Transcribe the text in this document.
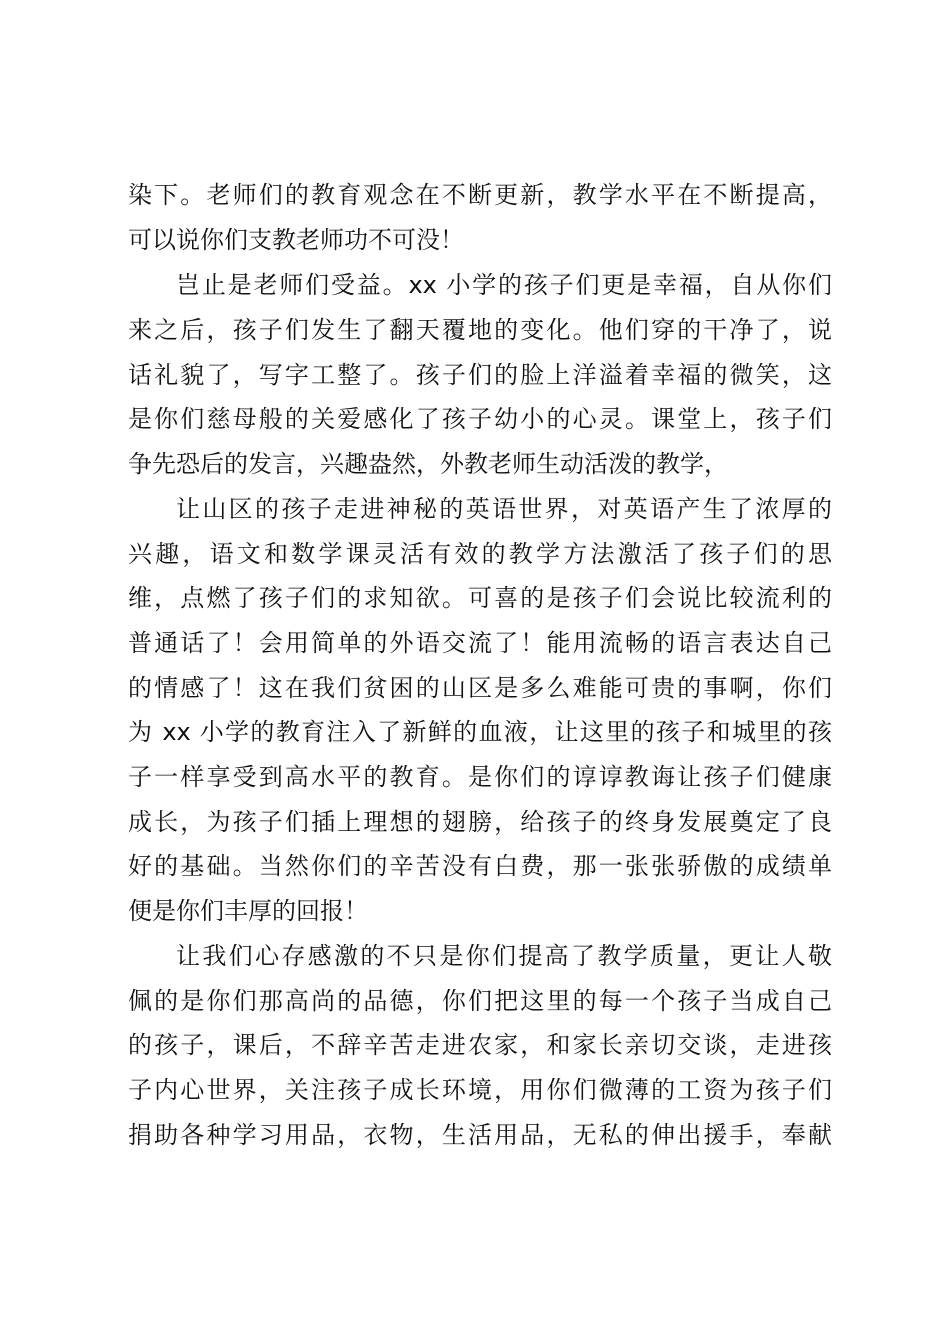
染下。老师们的教育观念在不断更新，教学水平在不断提高，
可以说你们支教老师功不可没！
岂止是老师们受益。xx 小学的孩子们更是幸福，自从你们
来之后，孩子们发生了翻天覆地的变化。他们穿的干净了，说
话礼貌了，写字工整了。孩子们的脸上洋溢着幸福的微笑，这
是你们慈母般的关爱感化了孩子幼小的心灵。课堂上，孩子们
争先恐后的发言，兴趣盎然，外教老师生动活泼的教学，
让山区的孩子走进神秘的英语世界，对英语产生了浓厚的
兴趣，语文和数学课灵活有效的教学方法激活了孩子们的思
维，点燃了孩子们的求知欲。可喜的是孩子们会说比较流利的
普通话了！会用简单的外语交流了！能用流畅的语言表达自己
的情感了！这在我们贫困的山区是多么难能可贵的事啊，你们
为 xx 小学的教育注入了新鲜的血液，让这里的孩子和城里的孩
子一样享受到高水平的教育。是你们的谆谆教诲让孩子们健康
成长，为孩子们插上理想的翅膀，给孩子的终身发展奠定了良
好的基础。当然你们的辛苦没有白费，那一张张骄傲的成绩单
便是你们丰厚的回报！
让我们心存感激的不只是你们提高了教学质量，更让人敬
佩的是你们那高尚的品德，你们把这里的每一个孩子当成自己
的孩子，课后，不辞辛苦走进农家，和家长亲切交谈，走进孩
子内心世界，关注孩子成长环境，用你们微薄的工资为孩子们
捐助各种学习用品，衣物，生活用品，无私的伸出援手，奉献
